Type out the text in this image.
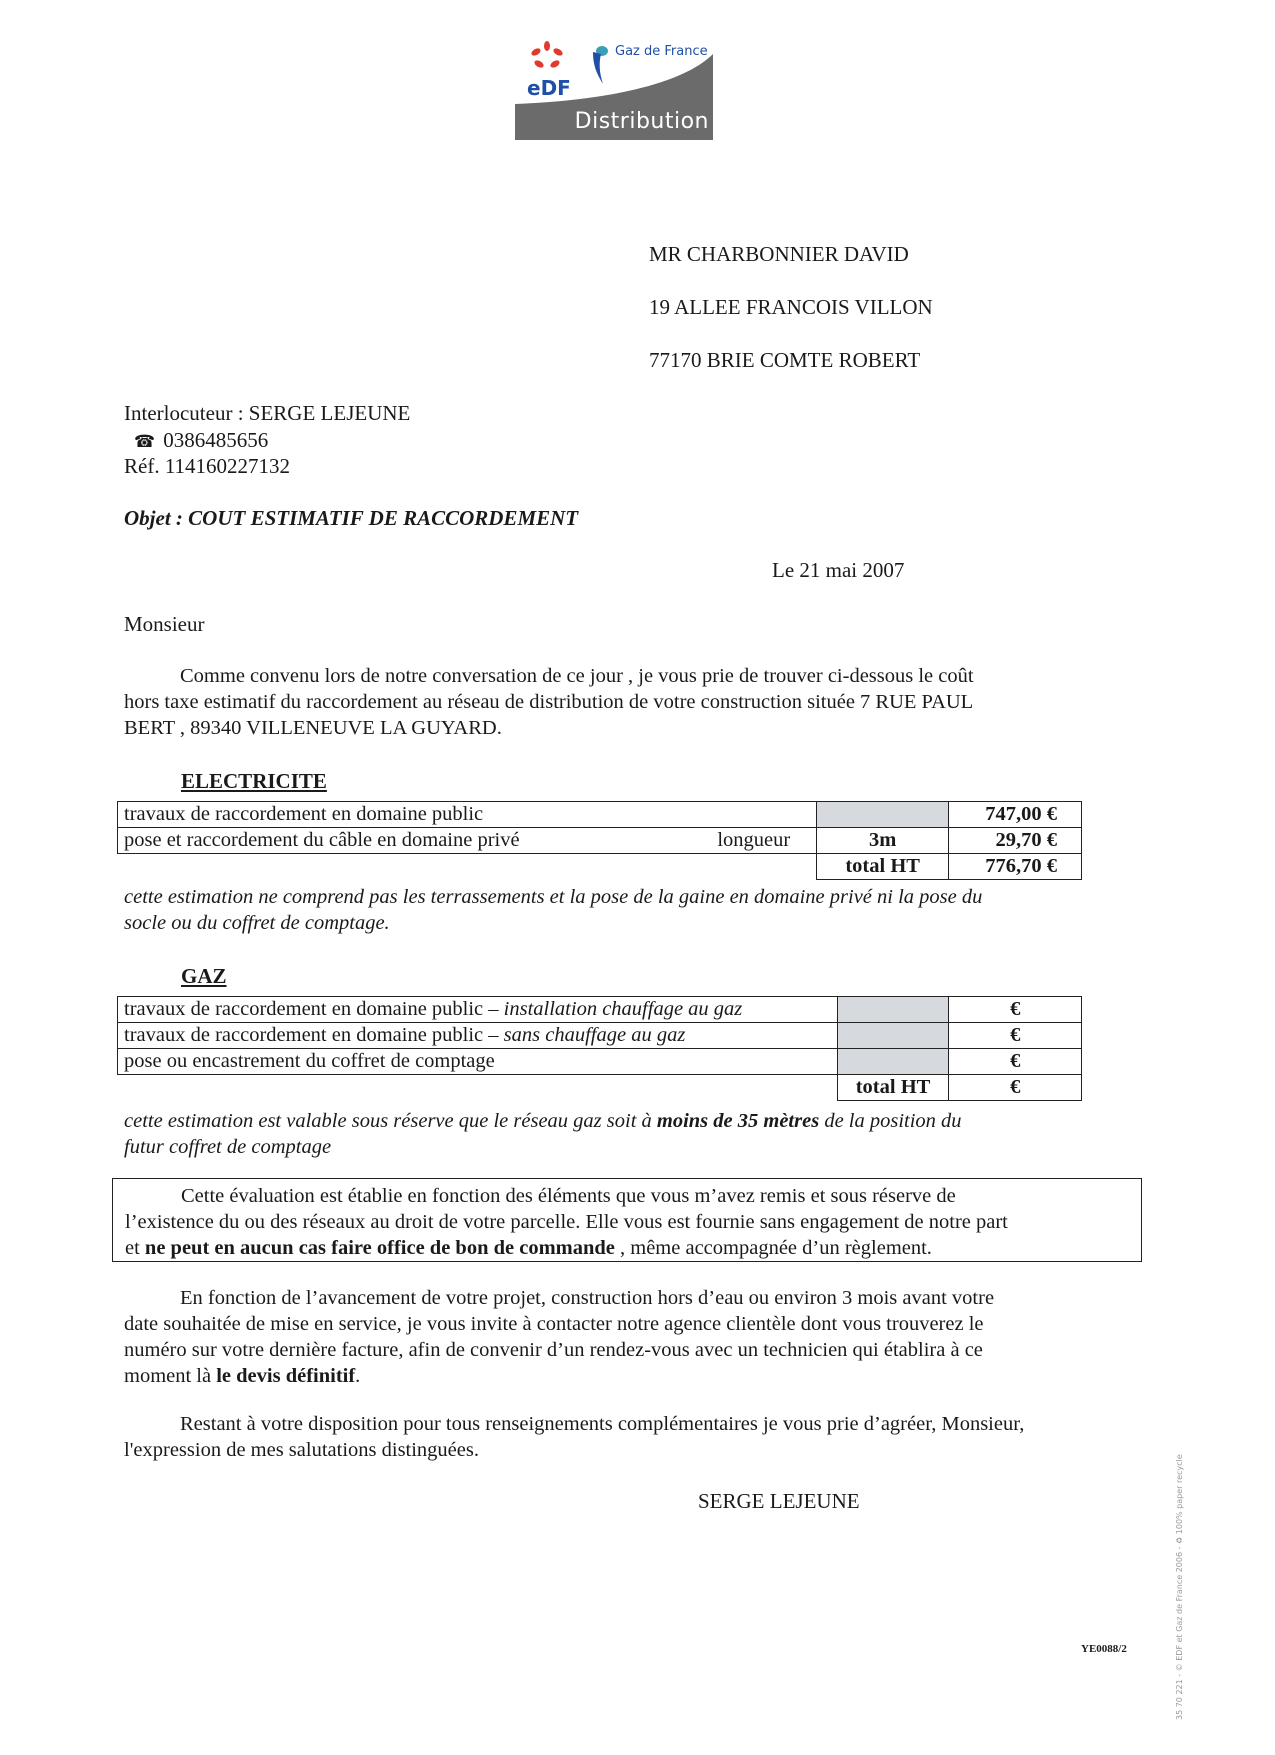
eDF
Gaz de France
Distribution
MR CHARBONNIER DAVID
19 ALLEE FRANCOIS VILLON
77170 BRIE COMTE ROBERT
Interlocuteur : SERGE LEJEUNE
☎ 0386485656
Réf. 114160227132
Objet : COUT ESTIMATIF DE RACCORDEMENT
Le 21 mai 2007
Monsieur
Comme convenu lors de notre conversation de ce jour , je vous prie de trouver ci-dessous le coût
hors taxe estimatif du raccordement au réseau de distribution de votre construction située 7 RUE PAUL
BERT , 89340 VILLENEUVE LA GUYARD.
ELECTRICITE
travaux de raccordement en domaine public		747,00 €
pose et raccordement du câble en domaine privé longueur	3m	29,70 €
	total HT	776,70 €
cette estimation ne comprend pas les terrassements et la pose de la gaine en domaine privé ni la pose du
socle ou du coffret de comptage.
GAZ
travaux de raccordement en domaine public – installation chauffage au gaz		€
travaux de raccordement en domaine public – sans chauffage au gaz		€
pose ou encastrement du coffret de comptage		€
	total HT	€
cette estimation est valable sous réserve que le réseau gaz soit à moins de 35 mètres de la position du
futur coffret de comptage
Cette évaluation est établie en fonction des éléments que vous m’avez remis et sous réserve de
l’existence du ou des réseaux au droit de votre parcelle. Elle vous est fournie sans engagement de notre part
et ne peut en aucun cas faire office de bon de commande , même accompagnée d’un règlement.
En fonction de l’avancement de votre projet, construction hors d’eau ou environ 3 mois avant votre
date souhaitée de mise en service, je vous invite à contacter notre agence clientèle dont vous trouverez le
numéro sur votre dernière facture, afin de convenir d’un rendez-vous avec un technicien qui établira à ce
moment là le devis définitif.
Restant à votre disposition pour tous renseignements complémentaires je vous prie d’agréer, Monsieur,
l'expression de mes salutations distinguées.
SERGE LEJEUNE
YE0088/2	35 70 221 - © EDF et Gaz de France 2006 - ♻ 100% paper recycle
